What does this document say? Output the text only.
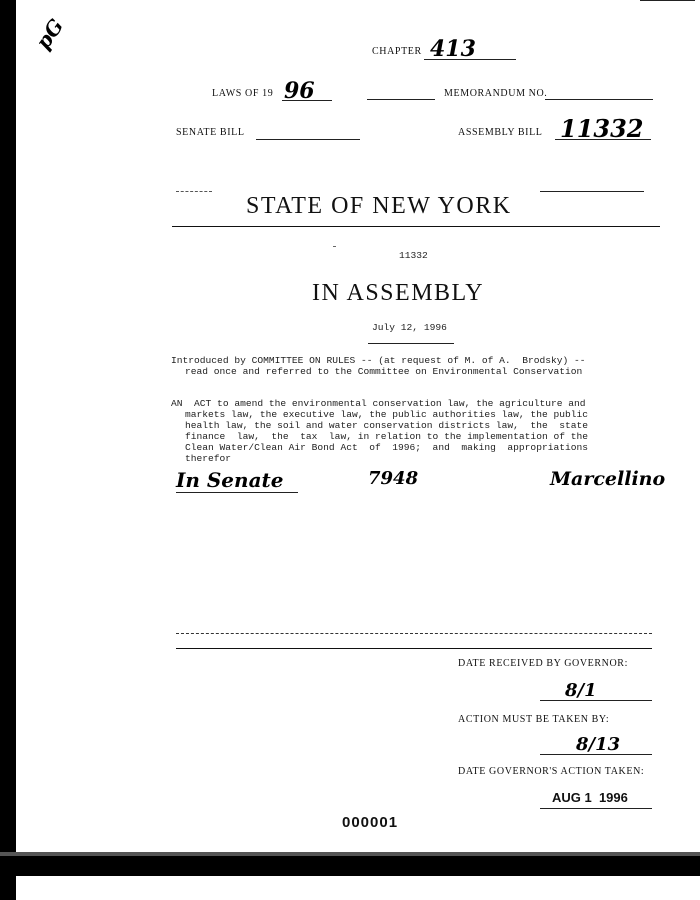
pG	CHAPTER 413
LAWS OF 19 96	MEMORANDUM NO.
SENATE BILL	ASSEMBLY BILL 11332
STATE OF NEW YORK
11332
IN ASSEMBLY
July 12, 1996
Introduced by COMMITTEE ON RULES -- (at request of M. of A.  Brodsky) --
read once and referred to the Committee on Environmental Conservation
AN  ACT to amend the environmental conservation law, the agriculture and
markets law, the executive law, the public authorities law, the public
health law, the soil and water conservation districts law,  the  state
finance  law,  the  tax  law, in relation to the implementation of the
Clean Water/Clean Air Bond Act  of  1996;  and  making  appropriations
therefor
In Senate	7948	Marcellino
DATE RECEIVED BY GOVERNOR:
8/1
ACTION MUST BE TAKEN BY:
8/13
DATE GOVERNOR'S ACTION TAKEN:
AUG 1  1996
000001
